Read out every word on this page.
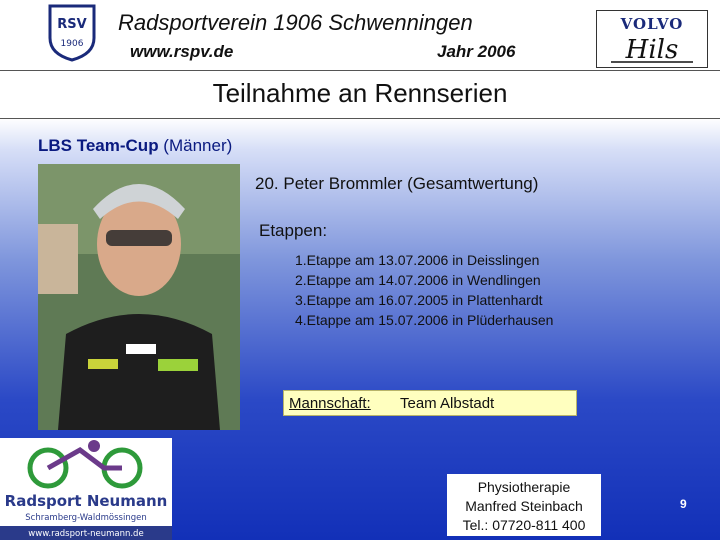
RSV
1906
Radsportverein 1906 Schwenningen
www.rspv.de	Jahr 2006
VOLVO
Hils
Teilnahme an Rennserien
LBS Team-Cup (Männer)
20. Peter Brommler (Gesamtwertung)
Etappen:
1.Etappe am 13.07.2006 in Deisslingen
2.Etappe am 14.07.2006 in Wendlingen
3.Etappe am 16.07.2005 in Plattenhardt
4.Etappe am 15.07.2006 in Plüderhausen
Mannschaft: Team Albstadt
Radsport Neumann
Schramberg-Waldmössingen
www.radsport-neumann.de
Physiotherapie
Manfred Steinbach
Tel.: 07720-811 400
9
